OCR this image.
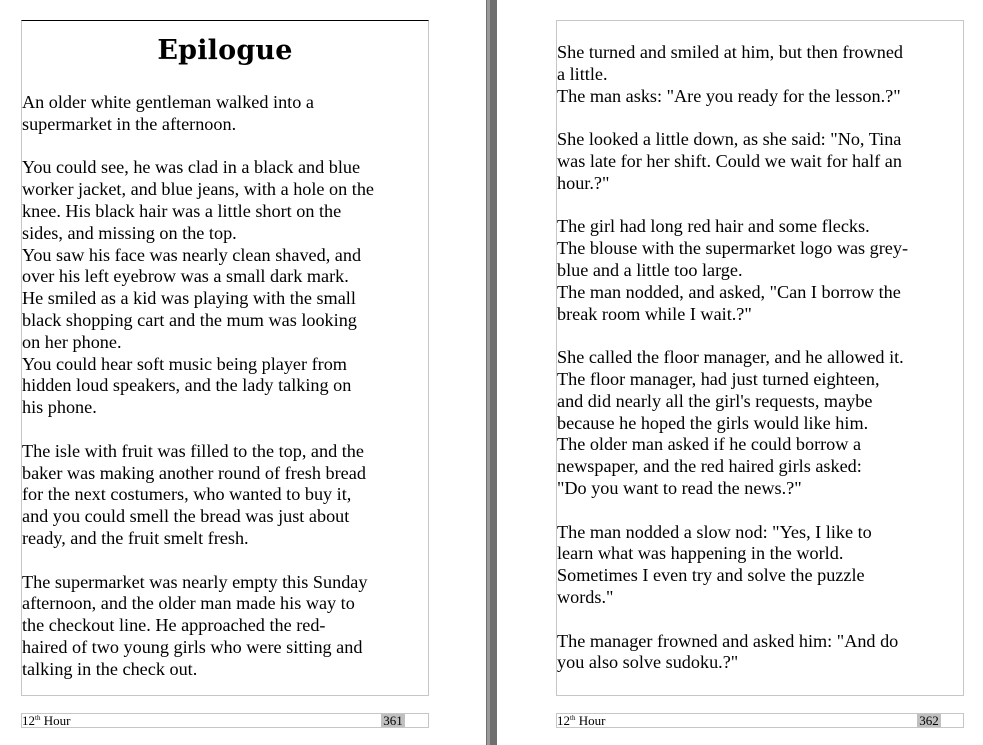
Epilogue
An older white gentleman walked into a
supermarket in the afternoon.
You could see, he was clad in a black and blue
worker jacket, and blue jeans, with a hole on the
knee. His black hair was a little short on the
sides, and missing on the top.
You saw his face was nearly clean shaved, and
over his left eyebrow was a small dark mark.
He smiled as a kid was playing with the small
black shopping cart and the mum was looking
on her phone.
You could hear soft music being player from
hidden loud speakers, and the lady talking on
his phone.
The isle with fruit was filled to the top, and the
baker was making another round of fresh bread
for the next costumers, who wanted to buy it,
and you could smell the bread was just about
ready, and the fruit smelt fresh.
The supermarket was nearly empty this Sunday
afternoon, and the older man made his way to
the checkout line. He approached the red-
haired of two young girls who were sitting and
talking in the check out.
12th Hour	361
She turned and smiled at him, but then frowned
a little.
The man asks: "Are you ready for the lesson.?"
She looked a little down, as she said: "No, Tina
was late for her shift. Could we wait for half an
hour.?"
The girl had long red hair and some flecks.
The blouse with the supermarket logo was grey-
blue and a little too large.
The man nodded, and asked, "Can I borrow the
break room while I wait.?"
She called the floor manager, and he allowed it.
The floor manager, had just turned eighteen,
and did nearly all the girl's requests, maybe
because he hoped the girls would like him.
The older man asked if he could borrow a
newspaper, and the red haired girls asked:
"Do you want to read the news.?"
The man nodded a slow nod: "Yes, I like to
learn what was happening in the world.
Sometimes I even try and solve the puzzle
words."
The manager frowned and asked him: "And do
you also solve sudoku.?"
12th Hour	362
